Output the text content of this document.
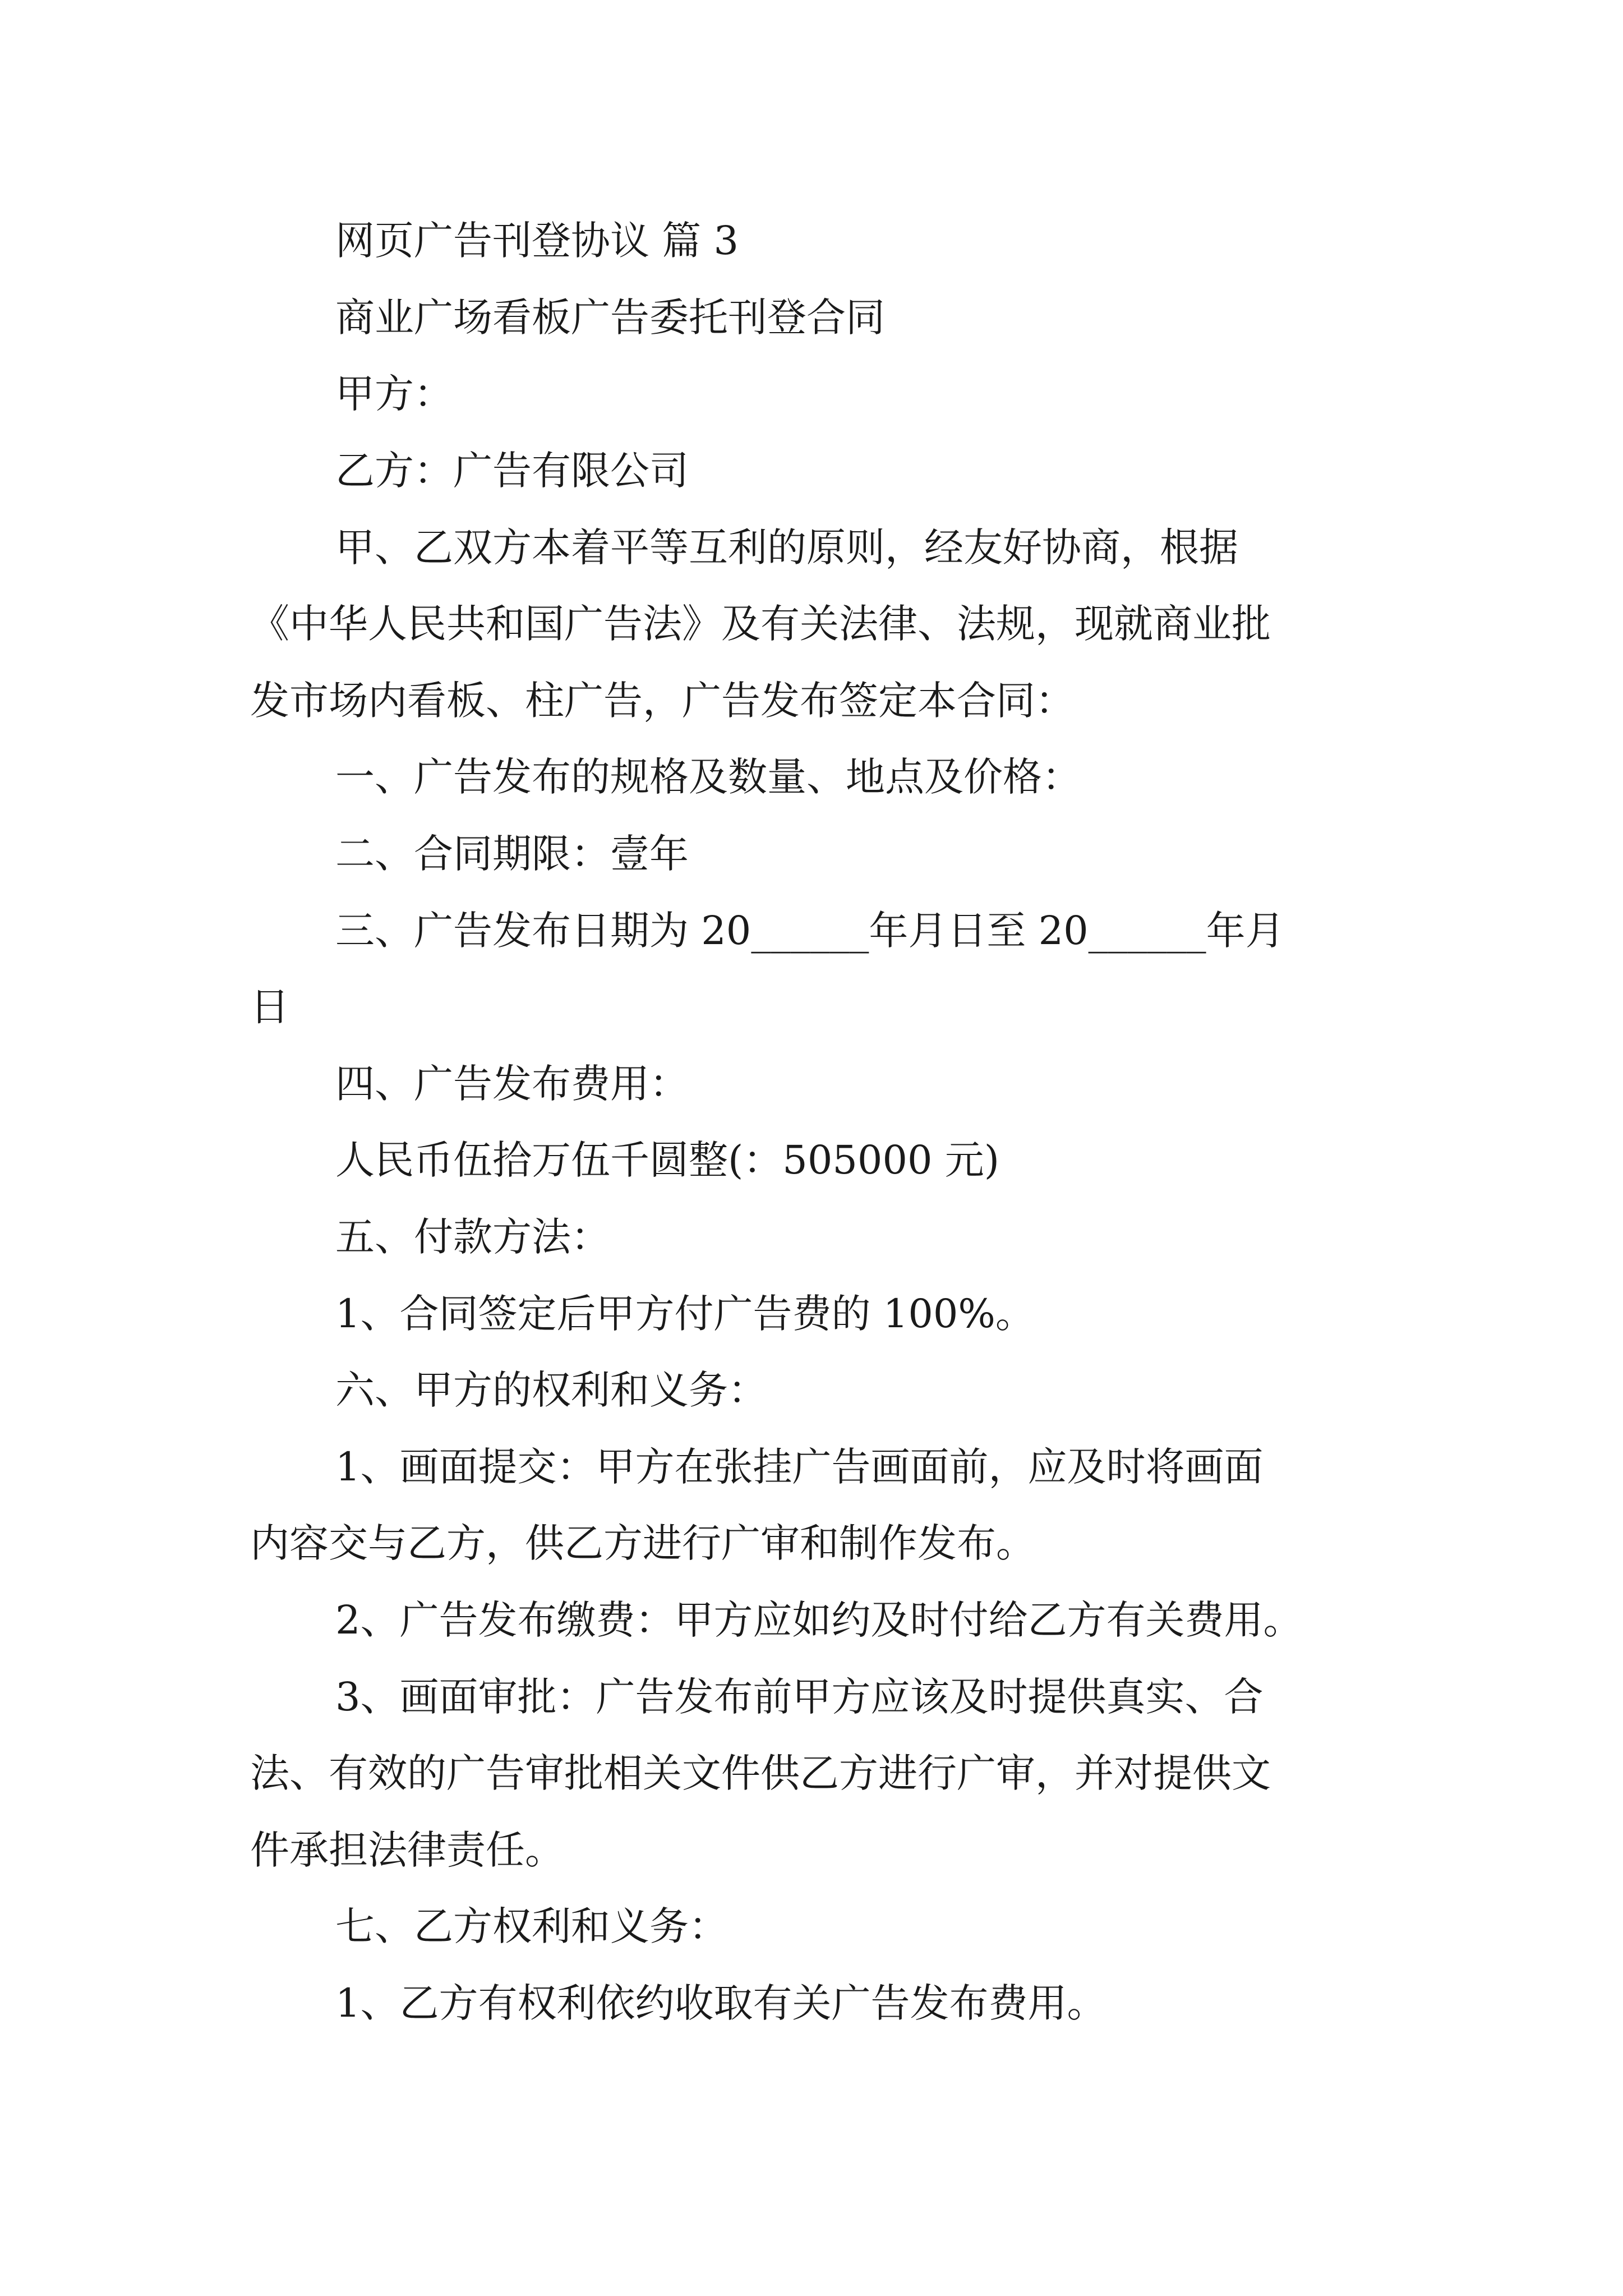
网页广告刊登协议 篇 3

商业广场看板广告委托刊登合同

甲方：

乙方：广告有限公司

甲、乙双方本着平等互利的原则，经友好协商，根据

《中华人民共和国广告法》及有关法律、法规，现就商业批

发市场内看板、柱广告，广告发布签定本合同：

一、广告发布的规格及数量、地点及价格：

二、合同期限：壹年

三、广告发布日期为 20______年月日至 20______年月

日

四、广告发布费用：

人民币伍拾万伍千圆整(：505000 元)

五、付款方法：

1、合同签定后甲方付广告费的 100%。

六、甲方的权利和义务：

1、画面提交：甲方在张挂广告画面前，应及时将画面

内容交与乙方，供乙方进行广审和制作发布。

2、广告发布缴费：甲方应如约及时付给乙方有关费用。

3、画面审批：广告发布前甲方应该及时提供真实、合

法、有效的广告审批相关文件供乙方进行广审，并对提供文

件承担法律责任。

七、乙方权利和义务：

1、乙方有权利依约收取有关广告发布费用。
